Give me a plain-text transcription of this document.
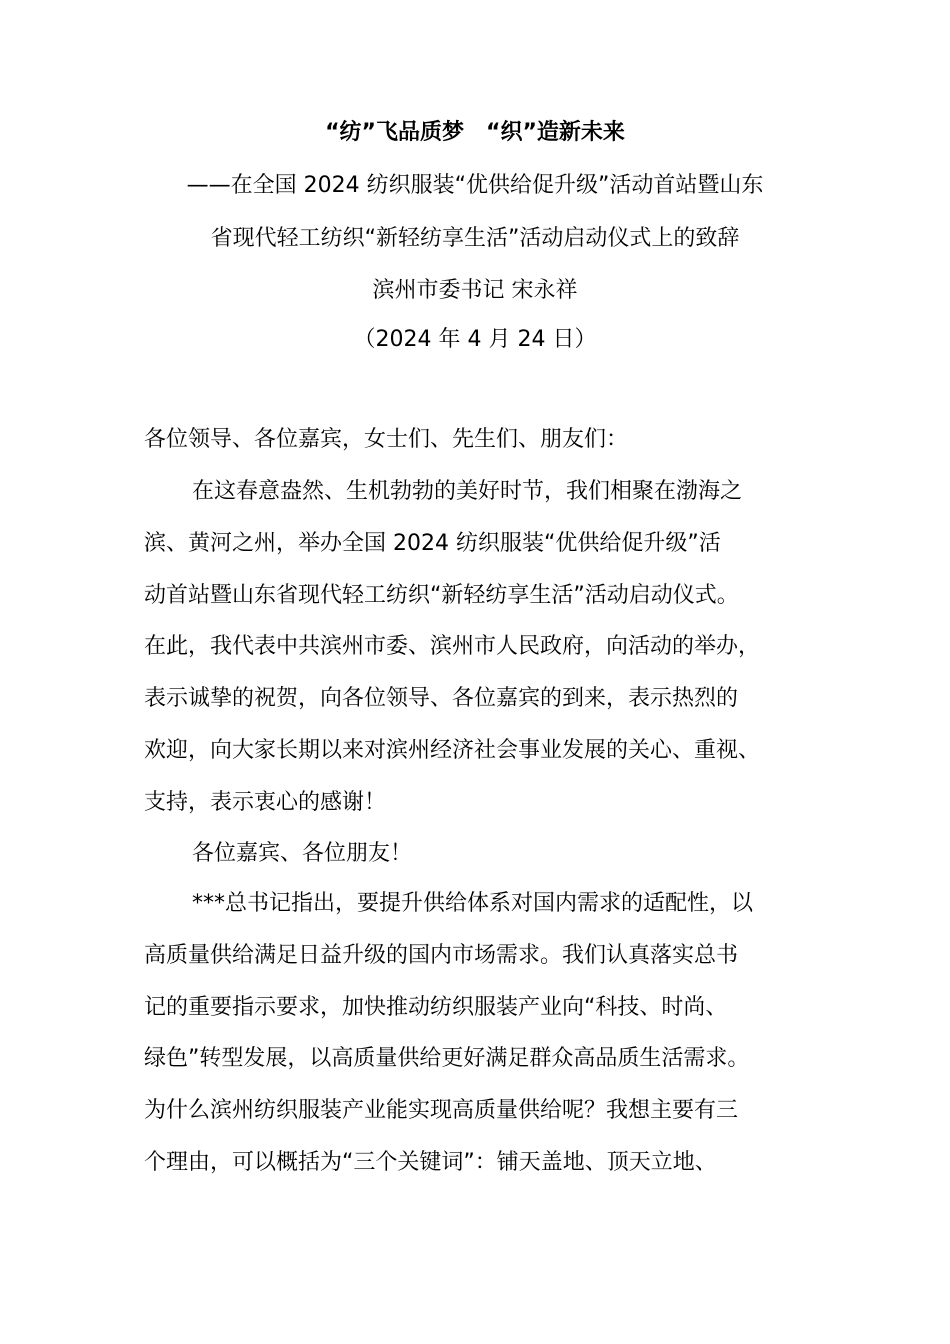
“纺”飞品质梦　“织”造新未来
——在全国 2024 纺织服装“优供给促升级”活动首站暨山东
省现代轻工纺织“新轻纺享生活”活动启动仪式上的致辞
滨州市委书记 宋永祥
（2024 年 4 月 24 日）
各位领导、各位嘉宾，女士们、先生们、朋友们：
在这春意盎然、生机勃勃的美好时节，我们相聚在渤海之
滨、黄河之州，举办全国 2024 纺织服装“优供给促升级”活
动首站暨山东省现代轻工纺织“新轻纺享生活”活动启动仪式。
在此，我代表中共滨州市委、滨州市人民政府，向活动的举办，
表示诚挚的祝贺，向各位领导、各位嘉宾的到来，表示热烈的
欢迎，向大家长期以来对滨州经济社会事业发展的关心、重视、
支持，表示衷心的感谢！
各位嘉宾、各位朋友！
***总书记指出，要提升供给体系对国内需求的适配性，以
高质量供给满足日益升级的国内市场需求。我们认真落实总书
记的重要指示要求，加快推动纺织服装产业向“科技、时尚、
绿色”转型发展，以高质量供给更好满足群众高品质生活需求。
为什么滨州纺织服装产业能实现高质量供给呢？我想主要有三
个理由，可以概括为“三个关键词”：铺天盖地、顶天立地、
